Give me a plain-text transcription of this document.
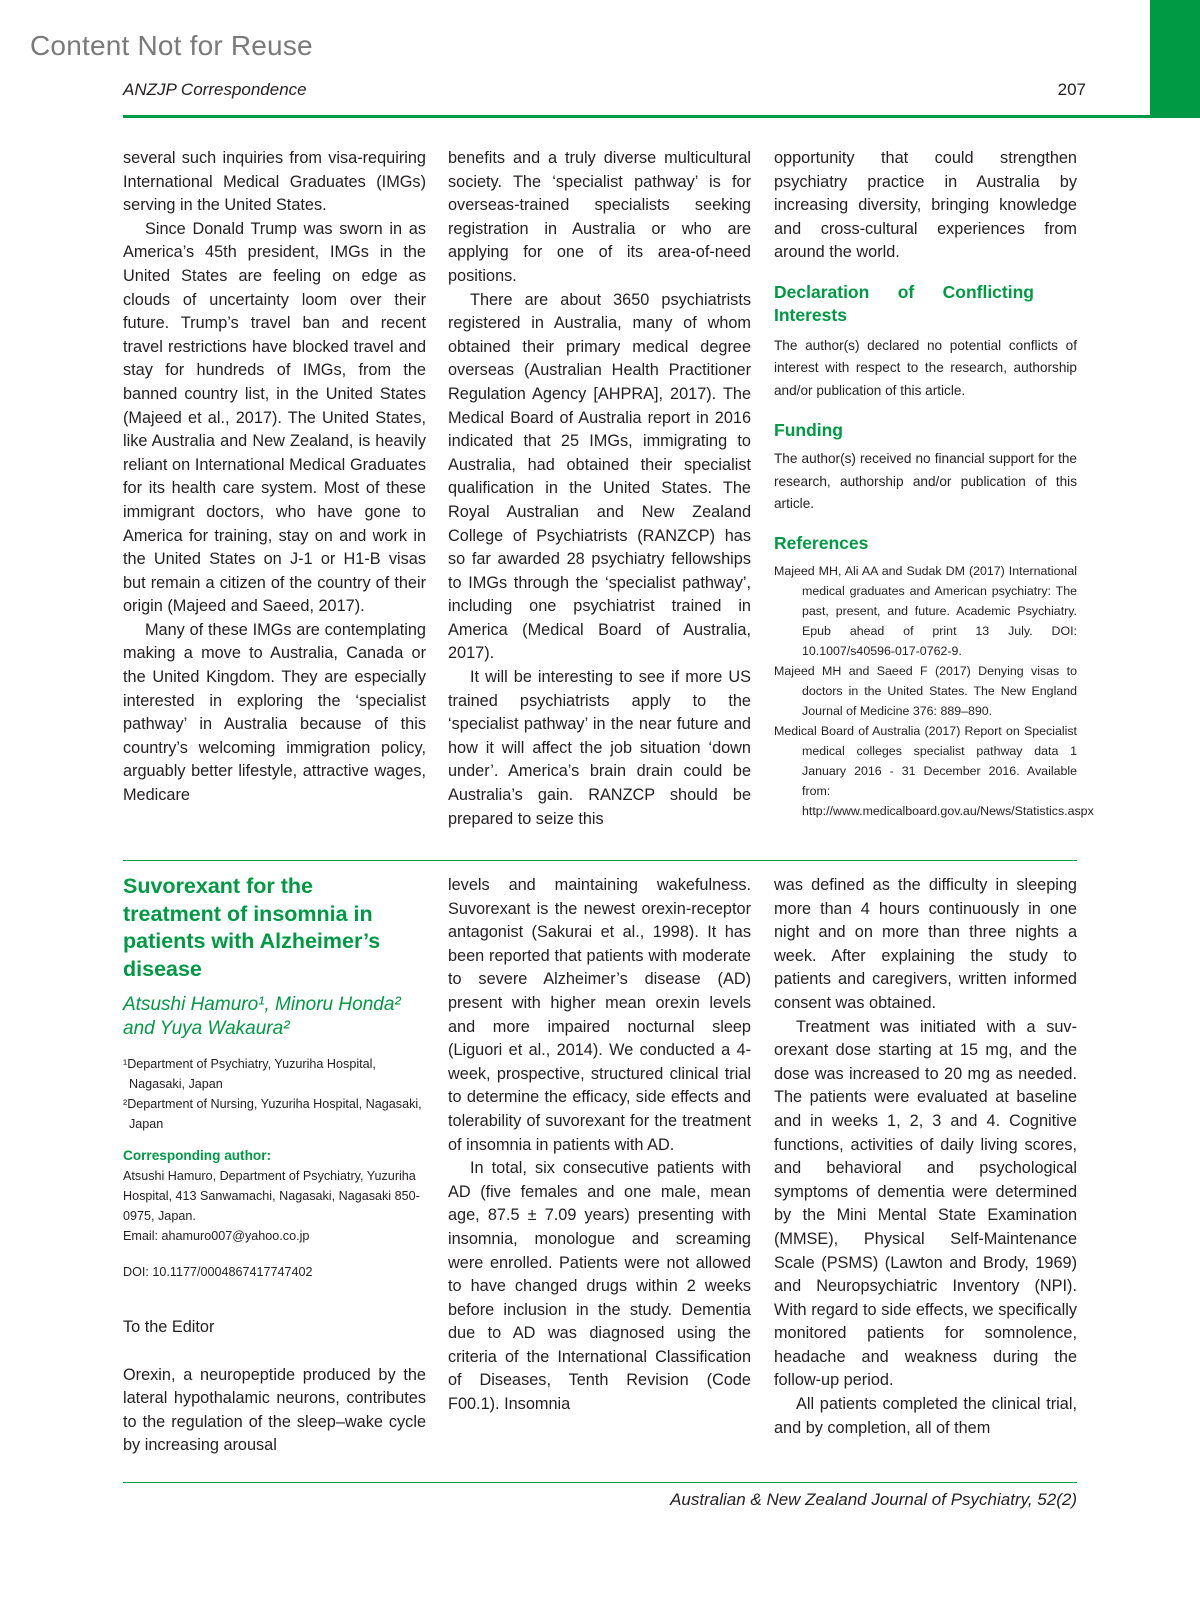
Content Not for Reuse
ANZJP Correspondence	207

several such inquiries from visa-requiring International Medical Graduates (IMGs) serving in the United States.

Since Donald Trump was sworn in as America’s 45th president, IMGs in the United States are feeling on edge as clouds of uncertainty loom over their future. Trump’s travel ban and recent travel restrictions have blocked travel and stay for hundreds of IMGs, from the banned country list, in the United States (Majeed et al., 2017). The United States, like Australia and New Zealand, is heavily reliant on International Medical Graduates for its health care system. Most of these immigrant doctors, who have gone to America for training, stay on and work in the United States on J-1 or H1-B visas but remain a citizen of the country of their origin (Majeed and Saeed, 2017).

Many of these IMGs are contemplating making a move to Australia, Canada or the United Kingdom. They are especially interested in exploring the ‘specialist pathway’ in Australia because of this country’s welcoming immigration policy, arguably better lifestyle, attractive wages, Medicare

benefits and a truly diverse multicultural society. The ‘specialist pathway’ is for overseas-trained specialists seeking registration in Australia or who are applying for one of its area-of-need positions.

There are about 3650 psychiatrists registered in Australia, many of whom obtained their primary medical degree overseas (Australian Health Practitioner Regulation Agency [AHPRA], 2017). The Medical Board of Australia report in 2016 indicated that 25 IMGs, immigrating to Australia, had obtained their specialist qualification in the United States. The Royal Australian and New Zealand College of Psychiatrists (RANZCP) has so far awarded 28 psychiatry fellowships to IMGs through the ‘specialist pathway’, including one psychiatrist trained in America (Medical Board of Australia, 2017).

It will be interesting to see if more US trained psychiatrists apply to the ‘specialist pathway’ in the near future and how it will affect the job situation ‘down under’. America’s brain drain could be Australia’s gain. RANZCP should be prepared to seize this

opportunity that could strengthen psychiatry practice in Australia by increasing diversity, bringing knowledge and cross-cultural experiences from around the world.

Declaration of Conflicting Interests

The author(s) declared no potential conflicts of interest with respect to the research, authorship and/or publication of this article.

Funding

The author(s) received no financial support for the research, authorship and/or publication of this article.

References

Majeed MH, Ali AA and Sudak DM (2017) International medical graduates and American psychiatry: The past, present, and future. Academic Psychiatry. Epub ahead of print 13 July. DOI: 10.1007/s40596-017-0762-9.

Majeed MH and Saeed F (2017) Denying visas to doctors in the United States. The New England Journal of Medicine 376: 889–890.

Medical Board of Australia (2017) Report on Specialist medical colleges specialist pathway data 1 January 2016 - 31 December 2016. Available from: http://www.medicalboard.gov.au/News/Statistics.aspx

Suvorexant for the treatment of insomnia in patients with Alzheimer’s disease

Atsushi Hamuro¹, Minoru Honda² and Yuya Wakaura²

¹Department of Psychiatry, Yuzuriha Hospital, Nagasaki, Japan

²Department of Nursing, Yuzuriha Hospital, Nagasaki, Japan

Corresponding author:

Atsushi Hamuro, Department of Psychiatry, Yuzuriha Hospital, 413 Sanwamachi, Nagasaki, Nagasaki 850-0975, Japan.

Email: ahamuro007@yahoo.co.jp

DOI: 10.1177/0004867417747402

To the Editor

Orexin, a neuropeptide produced by the lateral hypothalamic neurons, contributes to the regulation of the sleep–wake cycle by increasing arousal

levels and maintaining wakefulness. Suvorexant is the newest orexin-receptor antagonist (Sakurai et al., 1998). It has been reported that patients with moderate to severe Alzheimer’s disease (AD) present with higher mean orexin levels and more impaired nocturnal sleep (Liguori et al., 2014). We conducted a 4-week, prospective, structured clinical trial to determine the efficacy, side effects and tolerability of suvorexant for the treatment of insomnia in patients with AD.

In total, six consecutive patients with AD (five females and one male, mean age, 87.5 ± 7.09 years) presenting with insomnia, monologue and screaming were enrolled. Patients were not allowed to have changed drugs within 2 weeks before inclusion in the study. Dementia due to AD was diagnosed using the criteria of the International Classification of Diseases, Tenth Revision (Code F00.1). Insomnia

was defined as the difficulty in sleeping more than 4 hours continuously in one night and on more than three nights a week. After explaining the study to patients and caregivers, written informed consent was obtained.

Treatment was initiated with a suvorexant dose starting at 15 mg, and the dose was increased to 20 mg as needed. The patients were evaluated at baseline and in weeks 1, 2, 3 and 4. Cognitive functions, activities of daily living scores, and behavioral and psychological symptoms of dementia were determined by the Mini Mental State Examination (MMSE), Physical Self-Maintenance Scale (PSMS) (Lawton and Brody, 1969) and Neuropsychiatric Inventory (NPI). With regard to side effects, we specifically monitored patients for somnolence, headache and weakness during the follow-up period.

All patients completed the clinical trial, and by completion, all of them

Australian & New Zealand Journal of Psychiatry, 52(2)
